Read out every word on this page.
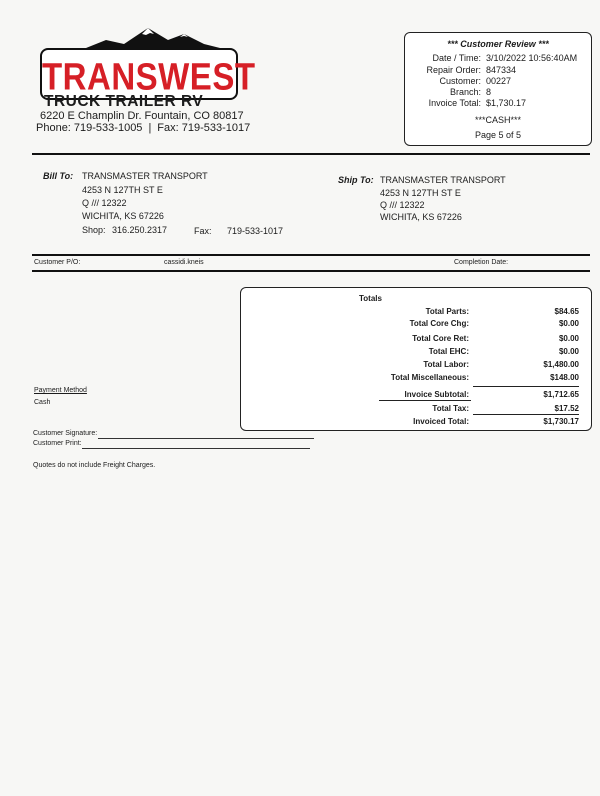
TRANSWEST
TRUCK TRAILER RV
6220 E Champlin Dr. Fountain, CO 80817
Phone: 719-533-1005 | Fax: 719-533-1017
*** Customer Review ***
Date / Time: 3/10/2022 10:56:40AM
Repair Order: 847334
Customer: 00227
Branch: 8
Invoice Total: $1,730.17
***CASH***
Page 5 of 5
Bill To: TRANSMASTER TRANSPORT
4253 N 127TH ST E
Q /// 12322
WICHITA, KS 67226
Shop: 316.250.2317	Fax: 719-533-1017
Ship To: TRANSMASTER TRANSPORT
4253 N 127TH ST E
Q /// 12322
WICHITA, KS 67226
Customer P/O:	cassidi.kneis	Completion Date:
Totals
Total Parts:	$84.65
Total Core Chg:	$0.00
Total Core Ret:	$0.00
Total EHC:	$0.00
Total Labor:	$1,480.00
Total Miscellaneous:	$148.00
Invoice Subtotal:	$1,712.65
Total Tax:	$17.52
Invoiced Total:	$1,730.17
Payment Method
Cash
Customer Signature:
Customer Print:
Quotes do not include Freight Charges.
